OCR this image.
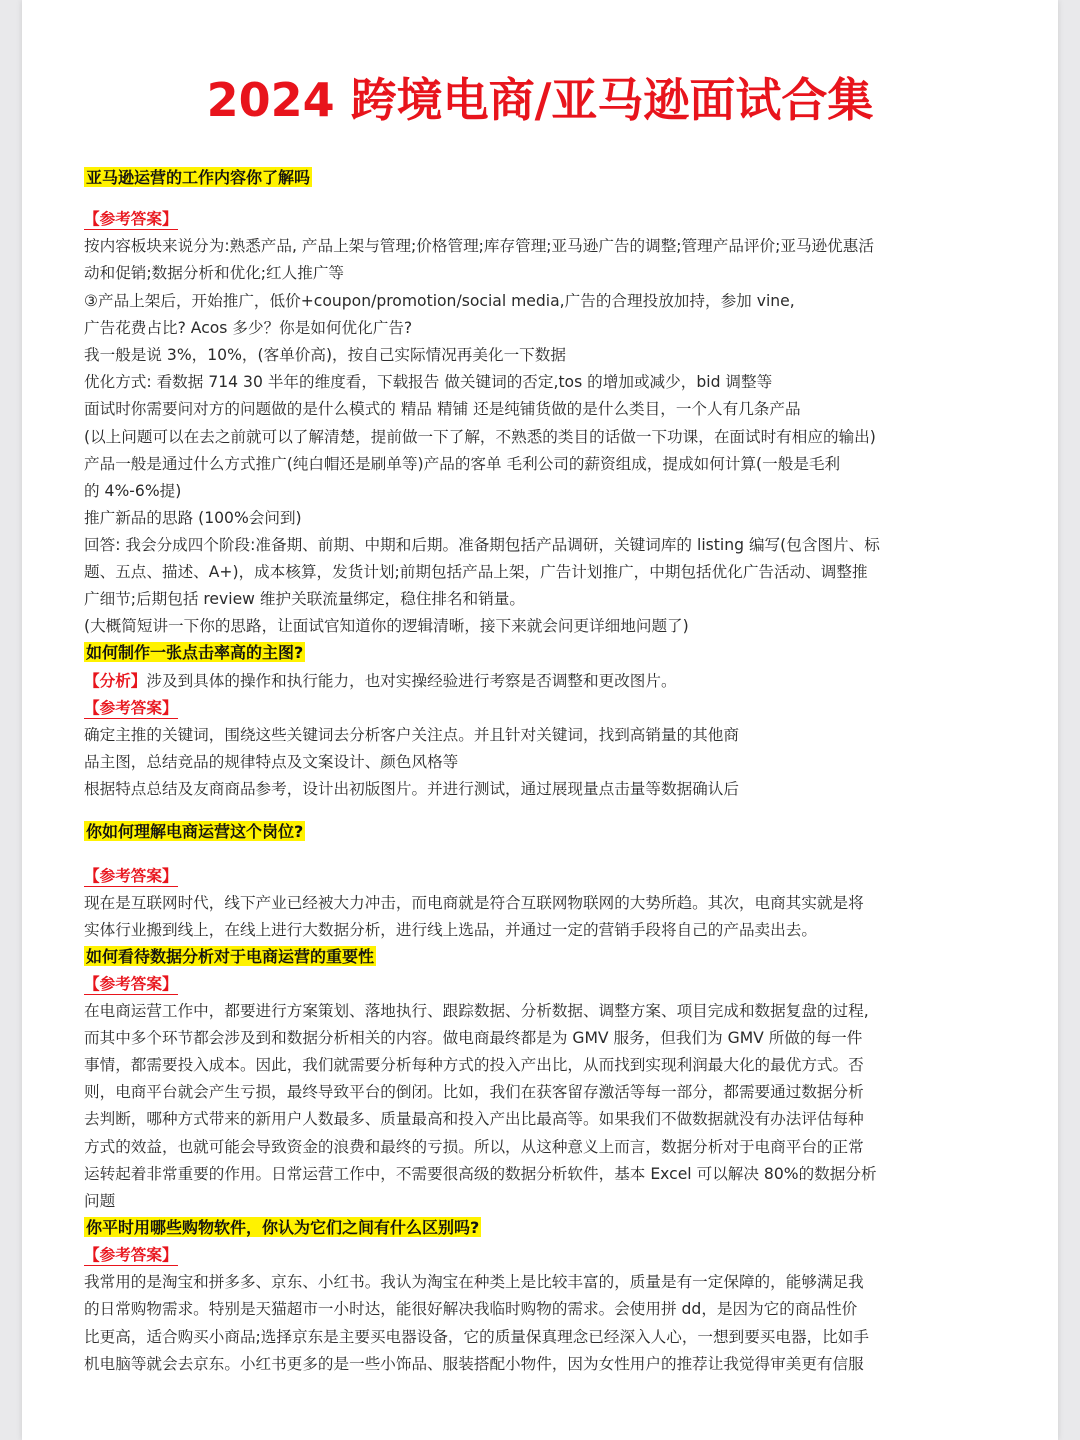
2024 跨境电商/亚马逊面试合集
亚马逊运营的工作内容你了解吗
【参考答案】
按内容板块来说分为:熟悉产品, 产品上架与管理;价格管理;库存管理;亚马逊广告的调整;管理产品评价;亚马逊优惠活
动和促销;数据分析和优化;红人推广等
③产品上架后，开始推广，低价+coupon/promotion/social media,广告的合理投放加持，参加 vine,
广告花费占比? Acos 多少？你是如何优化广告?
我一般是说 3%，10%，(客单价高)，按自己实际情况再美化一下数据
优化方式: 看数据 714 30 半年的维度看，下载报告 做关键词的否定,tos 的增加或减少，bid 调整等
面试时你需要问对方的问题做的是什么模式的 精品 精铺 还是纯铺货做的是什么类目，一个人有几条产品
(以上问题可以在去之前就可以了解清楚，提前做一下了解，不熟悉的类目的话做一下功课，在面试时有相应的输出)
产品一般是通过什么方式推广(纯白帽还是刷单等)产品的客单 毛利公司的薪资组成，提成如何计算(一般是毛利
的 4%-6%提)
推广新品的思路 (100%会问到)
回答: 我会分成四个阶段:准备期、前期、中期和后期。准备期包括产品调研，关键词库的 listing 编写(包含图片、标
题、五点、描述、A+)，成本核算，发货计划;前期包括产品上架，广告计划推广，中期包括优化广告活动、调整推
广细节;后期包括 review 维护关联流量绑定，稳住排名和销量。
(大概简短讲一下你的思路，让面试官知道你的逻辑清晰，接下来就会问更详细地问题了)
如何制作一张点击率高的主图?
【分析】涉及到具体的操作和执行能力，也对实操经验进行考察是否调整和更改图片。
【参考答案】
确定主推的关键词，围绕这些关键词去分析客户关注点。并且针对关键词，找到高销量的其他商
品主图，总结竞品的规律特点及文案设计、颜色风格等
根据特点总结及友商商品参考，设计出初版图片。并进行测试，通过展现量点击量等数据确认后
你如何理解电商运营这个岗位?
【参考答案】
现在是互联网时代，线下产业已经被大力冲击，而电商就是符合互联网物联网的大势所趋。其次，电商其实就是将
实体行业搬到线上，在线上进行大数据分析，进行线上选品，并通过一定的营销手段将自己的产品卖出去。
如何看待数据分析对于电商运营的重要性
【参考答案】
在电商运营工作中，都要进行方案策划、落地执行、跟踪数据、分析数据、调整方案、项目完成和数据复盘的过程,
而其中多个环节都会涉及到和数据分析相关的内容。做电商最终都是为 GMV 服务，但我们为 GMV 所做的每一件
事情，都需要投入成本。因此，我们就需要分析每种方式的投入产出比，从而找到实现利润最大化的最优方式。否
则，电商平台就会产生亏损，最终导致平台的倒闭。比如，我们在获客留存激活等每一部分，都需要通过数据分析
去判断，哪种方式带来的新用户人数最多、质量最高和投入产出比最高等。如果我们不做数据就没有办法评估每种
方式的效益，也就可能会导致资金的浪费和最终的亏损。所以，从这种意义上而言，数据分析对于电商平台的正常
运转起着非常重要的作用。日常运营工作中，不需要很高级的数据分析软件，基本 Excel 可以解决 80%的数据分析
问题
你平时用哪些购物软件，你认为它们之间有什么区别吗?
【参考答案】
我常用的是淘宝和拼多多、京东、小红书。我认为淘宝在种类上是比较丰富的，质量是有一定保障的，能够满足我
的日常购物需求。特别是天猫超市一小时达，能很好解决我临时购物的需求。会使用拼 dd，是因为它的商品性价
比更高，适合购买小商品;选择京东是主要买电器设备，它的质量保真理念已经深入人心，一想到要买电器，比如手
机电脑等就会去京东。小红书更多的是一些小饰品、服装搭配小物件，因为女性用户的推荐让我觉得审美更有信服
